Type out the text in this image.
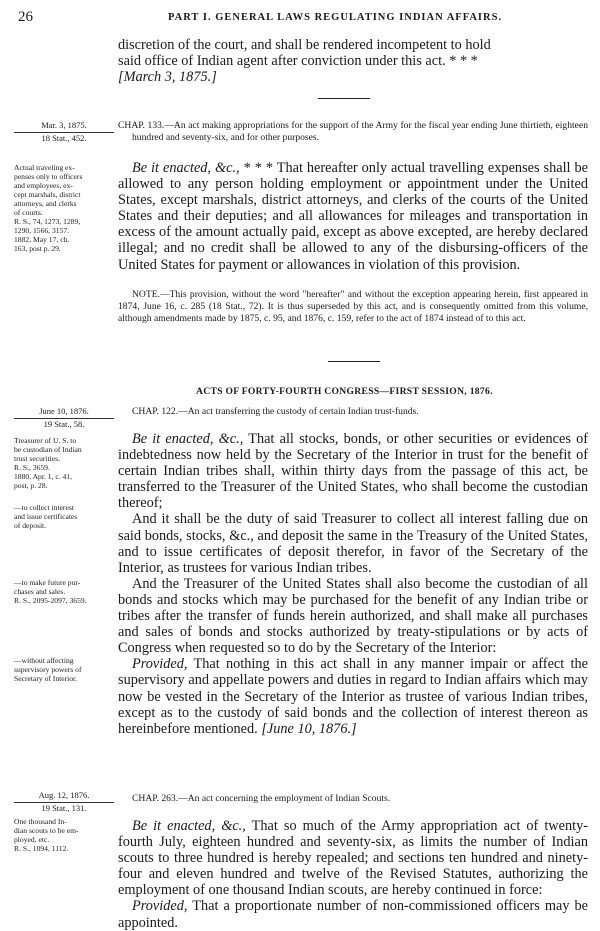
26	PART I. GENERAL LAWS REGULATING INDIAN AFFAIRS.

discretion of the court, and shall be rendered incompetent to hold

said office of Indian agent after conviction under this act. * * *

[March 3, 1875.]

Mar. 3, 1875.
18 Stat., 452.
Actual traveling ex-
penses only to officers
and employees, ex-
cept marshals, district
attorneys, and clerks
of courts.
R. S., 74, 1273, 1289,
1290, 1566, 3157.
1882, May 17, ch.
163, post p. 29.

CHAP. 133.—An act making appropriations for the support of the Army for the fiscal year ending June thirtieth, eighteen hundred and seventy-six, and for other purposes.

Be it enacted, &c., * * * That hereafter only actual travelling expenses shall be allowed to any person holding employment or appointment under the United States, except marshals, district attorneys, and clerks of the courts of the United States and their deputies; and all allowances for mileages and transportation in excess of the amount actually paid, except as above excepted, are hereby declared illegal; and no credit shall be allowed to any of the disbursing-officers of the United States for payment or allowances in violation of this provision.

NOTE.—This provision, without the word "hereafter" and without the exception appearing herein, first appeared in 1874, June 16, c. 285 (18 Stat., 72). It is thus superseded by this act, and is consequently omitted from this volume, although amendments made by 1875, c. 95, and 1876, c. 159, refer to the act of 1874 instead of to this act.

ACTS OF FORTY-FOURTH CONGRESS—FIRST SESSION, 1876.
June 10, 1876.
19 Stat., 58.
Treasurer of U. S. to
be custodian of Indian
trust securities.
R. S., 3659.
1880, Apr. 1, c. 41,
post, p. 28.
—to collect interest
and issue certificates
of deposit.
—to make future pur-
chases and sales.
R. S., 2095-2097, 3659.
—without affecting
supervisory powers of
Secretary of Interior.

CHAP. 122.—An act transferring the custody of certain Indian trust-funds.

Be it enacted, &c., That all stocks, bonds, or other securities or evidences of indebtedness now held by the Secretary of the Interior in trust for the benefit of certain Indian tribes shall, within thirty days from the passage of this act, be transferred to the Treasurer of the United States, who shall become the custodian thereof;

And it shall be the duty of said Treasurer to collect all interest falling due on said bonds, stocks, &c., and deposit the same in the Treasury of the United States, and to issue certificates of deposit therefor, in favor of the Secretary of the Interior, as trustees for various Indian tribes.

And the Treasurer of the United States shall also become the custodian of all bonds and stocks which may be purchased for the benefit of any Indian tribe or tribes after the transfer of funds herein authorized, and shall make all purchases and sales of bonds and stocks authorized by treaty-stipulations or by acts of Congress when requested so to do by the Secretary of the Interior:

Provided, That nothing in this act shall in any manner impair or affect the supervisory and appellate powers and duties in regard to Indian affairs which may now be vested in the Secretary of the Interior as trustee of various Indian tribes, except as to the custody of said bonds and the collection of interest thereon as hereinbefore mentioned. [June 10, 1876.]

Aug. 12, 1876.
19 Stat., 131.
One thousand In-
dian scouts to be em-
ployed, etc.
R. S., 1094, 1112.

CHAP. 263.—An act concerning the employment of Indian Scouts.

Be it enacted, &c., That so much of the Army appropriation act of twenty-fourth July, eighteen hundred and seventy-six, as limits the number of Indian scouts to three hundred is hereby repealed; and sections ten hundred and ninety-four and eleven hundred and twelve of the Revised Statutes, authorizing the employment of one thousand Indian scouts, are hereby continued in force:

Provided, That a proportionate number of non-commissioned officers may be appointed.
